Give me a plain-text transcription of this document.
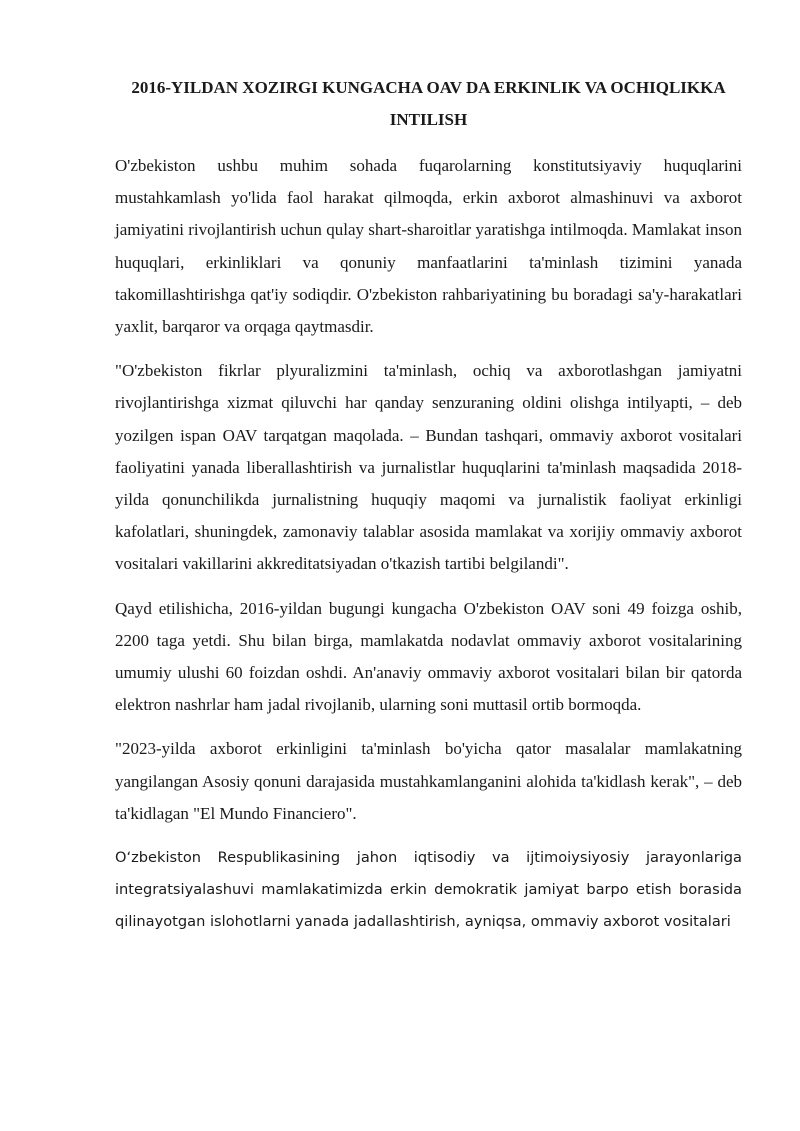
2016-YILDAN XOZIRGI KUNGACHA OAV DA ERKINLIK VA OCHIQLIKKA INTILISH

O'zbekiston ushbu muhim sohada fuqarolarning konstitutsiyaviy huquqlarini mustahkamlash yo'lida faol harakat qilmoqda, erkin axborot almashinuvi va axborot jamiyatini rivojlantirish uchun qulay shart-sharoitlar yaratishga intilmoqda. Mamlakat inson huquqlari, erkinliklari va qonuniy manfaatlarini ta'minlash tizimini yanada takomillashtirishga qat'iy sodiqdir. O'zbekiston rahbariyatining bu boradagi sa'y-harakatlari yaxlit, barqaror va orqaga qaytmasdir.

"O'zbekiston fikrlar plyuralizmini ta'minlash, ochiq va axborotlashgan jamiyatni rivojlantirishga xizmat qiluvchi har qanday senzuraning oldini olishga intilyapti, – deb yozilgen ispan OAV tarqatgan maqolada. – Bundan tashqari, ommaviy axborot vositalari faoliyatini yanada liberallashtirish va jurnalistlar huquqlarini ta'minlash maqsadida 2018-yilda qonunchilikda jurnalistning huquqiy maqomi va jurnalistik faoliyat erkinligi kafolatlari, shuningdek, zamonaviy talablar asosida mamlakat va xorijiy ommaviy axborot vositalari vakillarini akkreditatsiyadan o'tkazish tartibi belgilandi".

Qayd etilishicha, 2016-yildan bugungi kungacha O'zbekiston OAV soni 49 foizga oshib, 2200 taga yetdi. Shu bilan birga, mamlakatda nodavlat ommaviy axborot vositalarining umumiy ulushi 60 foizdan oshdi. An'anaviy ommaviy axborot vositalari bilan bir qatorda elektron nashrlar ham jadal rivojlanib, ularning soni muttasil ortib bormoqda.

"2023-yilda axborot erkinligini ta'minlash bo'yicha qator masalalar mamlakatning yangilangan Asosiy qonuni darajasida mustahkamlanganini alohida ta'kidlash kerak", – deb ta'kidlagan "El Mundo Financiero".

O‘zbekiston Respublikasining jahon iqtisodiy va ijtimoiysiyosiy jarayonlariga integratsiyalashuvi mamlakatimizda erkin demokratik jamiyat barpo etish borasida qilinayotgan islohotlarni yanada jadallashtirish, ayniqsa, ommaviy axborot vositalari
